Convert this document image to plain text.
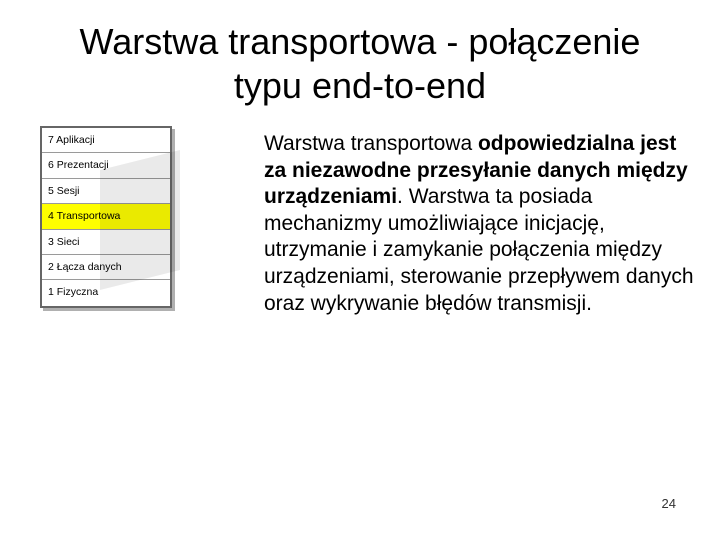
Warstwa transportowa - połączenie
typu end-to-end
7 Aplikacji
6 Prezentacji
5 Sesji
4 Transportowa
3 Sieci
2 Łącza danych
1 Fizyczna

Warstwa transportowa odpowiedzialna jest za niezawodne przesyłanie danych między urządzeniami. Warstwa ta posiada mechanizmy umożliwiające inicjację, utrzymanie i zamykanie połączenia między urządzeniami, sterowanie przepływem danych oraz wykrywanie błędów transmisji.

24
